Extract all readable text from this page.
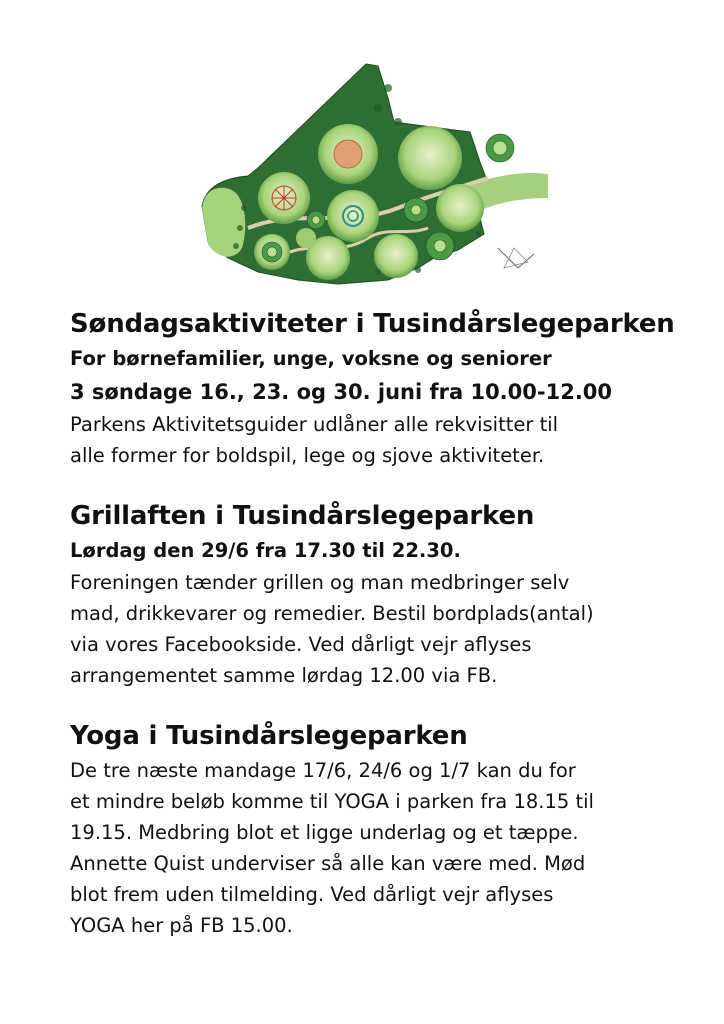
Søndagsaktiviteter i Tusindårslegeparken

For børnefamilier, unge, voksne og seniorer

3 søndage 16., 23. og 30. juni fra 10.00-12.00

Parkens Aktivitetsguider udlåner alle rekvisitter til

alle former for boldspil, lege og sjove aktiviteter.

Grillaften i Tusindårslegeparken

Lørdag den 29/6 fra 17.30 til 22.30.

Foreningen tænder grillen og man medbringer selv

mad, drikkevarer og remedier. Bestil bordplads(antal)

via vores Facebookside. Ved dårligt vejr aflyses

arrangementet samme lørdag 12.00 via FB.

Yoga i Tusindårslegeparken

De tre næste mandage 17/6, 24/6 og 1/7 kan du for

et mindre beløb komme til YOGA i parken fra 18.15 til

19.15. Medbring blot et ligge underlag og et tæppe.

Annette Quist underviser så alle kan være med. Mød

blot frem uden tilmelding. Ved dårligt vejr aflyses

YOGA her på FB 15.00.
